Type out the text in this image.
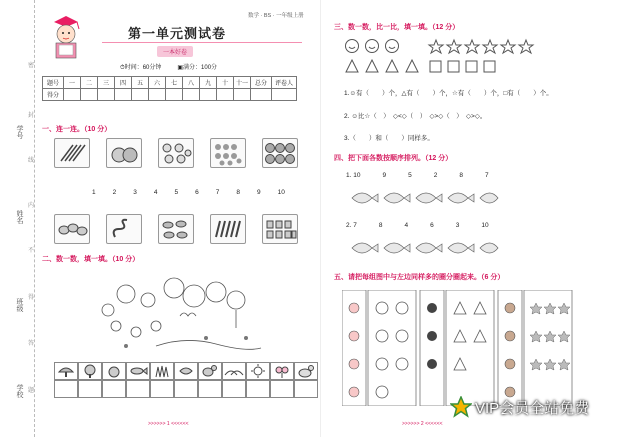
学号
姓名
班级
学校
密
封
线
内
不
得
答
题
数学 · BS · 一年级上册
第一单元测试卷
一本好卷
⏱时间：60分钟	▣满分：100分
题号	一	二	三	四	五	六	七	八	九	十	十一	总分	评卷人
得分													
一、连一连。（10 分）
1	2	3	4	5	6	7	8	9	10
二、数一数，填一填。（10 分）
>>>>>> 1 <<<<<<
三、数一数，比一比，填一填。（12 分）
1.☺有（　　）个，△有（　　）个，☆有（　　）个，□有（　　）个。
2. ☺比☆（　）　◇<◇（　）　◇>◇（　）　◇>◇。
3.（　　）和（　　）同样多。
四、把下面各数按顺序排列。（12 分）
1. 10	9	5	2	8	7
2. 7	8	4	6	3	10
五、请把每组图中与左边同样多的圈分圈起来。（6 分）
>>>>>> 2 <<<<<<
VIP会员全站免费
